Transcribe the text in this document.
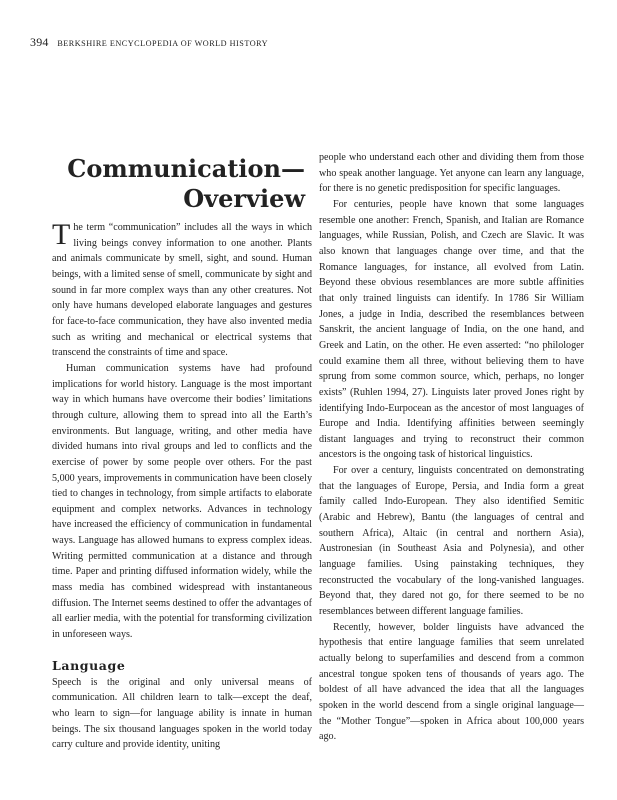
394 BERKSHIRE ENCYCLOPEDIA OF WORLD HISTORY
Communication—
Overview

The term “communication” includes all the ways in which living beings convey information to one another. Plants and animals communicate by smell, sight, and sound. Human beings, with a limited sense of smell, communicate by sight and sound in far more complex ways than any other creatures. Not only have humans developed elaborate languages and gestures for face-to-face communication, they have also invented media such as writing and mechanical or electrical systems that transcend the constraints of time and space.

Human communication systems have had profound implications for world history. Language is the most important way in which humans have overcome their bodies’ limitations through culture, allowing them to spread into all the Earth’s environments. But language, writing, and other media have divided humans into rival groups and led to conflicts and the exercise of power by some people over others. For the past 5,000 years, improvements in communication have been closely tied to changes in technology, from simple artifacts to elaborate equipment and complex networks. Advances in technology have increased the efficiency of communication in fundamental ways. Language has allowed humans to express complex ideas. Writing permitted communication at a distance and through time. Paper and printing diffused information widely, while the mass media has combined widespread with instantaneous diffusion. The Internet seems destined to offer the advantages of all earlier media, with the potential for transforming civilization in unforeseen ways.

Language

Speech is the original and only universal means of communication. All children learn to talk—except the deaf, who learn to sign—for language ability is innate in human beings. The six thousand languages spoken in the world today carry culture and provide identity, uniting

people who understand each other and dividing them from those who speak another language. Yet anyone can learn any language, for there is no genetic predisposition for specific languages.

For centuries, people have known that some languages resemble one another: French, Spanish, and Italian are Romance languages, while Russian, Polish, and Czech are Slavic. It was also known that languages change over time, and that the Romance languages, for instance, all evolved from Latin. Beyond these obvious resemblances are more subtle affinities that only trained linguists can identify. In 1786 Sir William Jones, a judge in India, described the resemblances between Sanskrit, the ancient language of India, on the one hand, and Greek and Latin, on the other. He even asserted: “no philologer could examine them all three, without believing them to have sprung from some common source, which, perhaps, no longer exists” (Ruhlen 1994, 27). Linguists later proved Jones right by identifying Indo-Eurpocean as the ancestor of most languages of Europe and India. Identifying affinities between seemingly distant languages and trying to reconstruct their common ancestors is the ongoing task of historical linguistics.

For over a century, linguists concentrated on demonstrating that the languages of Europe, Persia, and India form a great family called Indo-European. They also identified Semitic (Arabic and Hebrew), Bantu (the languages of central and southern Africa), Altaic (in central and northern Asia), Austronesian (in Southeast Asia and Polynesia), and other language families. Using painstaking techniques, they reconstructed the vocabulary of the long-vanished languages. Beyond that, they dared not go, for there seemed to be no resemblances between different language families.

Recently, however, bolder linguists have advanced the hypothesis that entire language families that seem unrelated actually belong to superfamilies and descend from a common ancestral tongue spoken tens of thousands of years ago. The boldest of all have advanced the idea that all the languages spoken in the world descend from a single original language—the “Mother Tongue”—spoken in Africa about 100,000 years ago.
